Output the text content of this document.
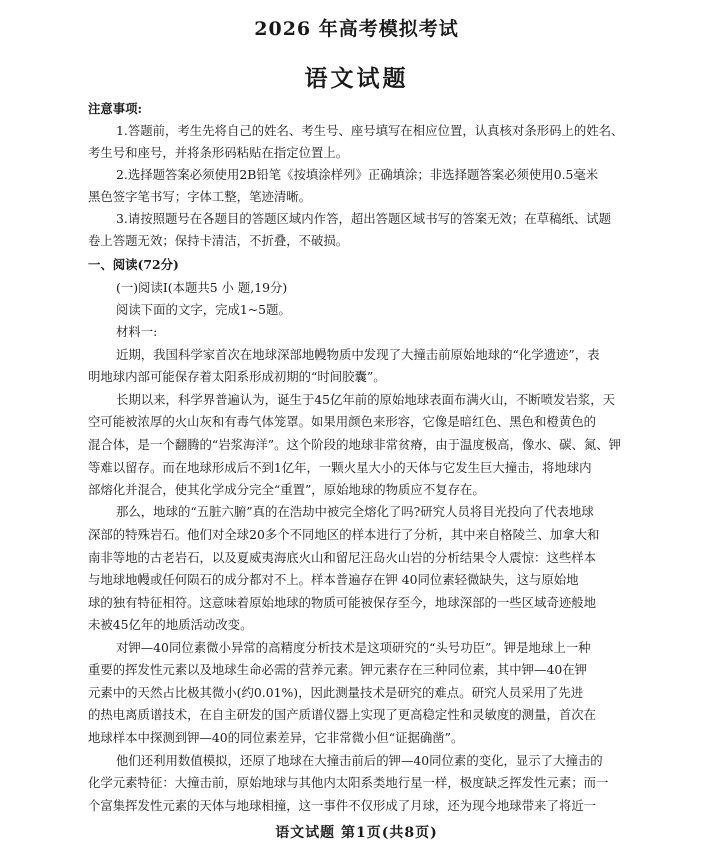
2026 年高考模拟考试
语文试题
注意事项:
1.答题前，考生先将自己的姓名、考生号、座号填写在相应位置，认真核对条形码上的姓名、
考生号和座号，并将条形码粘贴在指定位置上。
2.选择题答案必须使用2B铅笔《按填涂样列》正确填涂；非选择题答案必须使用0.5毫米
黑色签字笔书写；字体工整，笔迹清晰。
3.请按照题号在各题目的答题区域内作答，超出答题区域书写的答案无效；在草稿纸、试题
卷上答题无效；保持卡清洁，不折叠，不破损。
一、阅读(72分)
(一)阅读Ⅰ(本题共5 小 题,19分)
阅读下面的文字，完成1~5题。
材料一:
近期，我国科学家首次在地球深部地幔物质中发现了大撞击前原始地球的“化学遗迹”，表
明地球内部可能保存着太阳系形成初期的“时间胶囊”。
长期以来，科学界普遍认为，诞生于45亿年前的原始地球表面布满火山，不断喷发岩浆，天
空可能被浓厚的火山灰和有毒气体笼罩。如果用颜色来形容，它像是暗红色、黑色和橙黄色的
混合体，是一个翻腾的“岩浆海洋”。这个阶段的地球非常贫瘠，由于温度极高，像水、碳、氮、钾
等难以留存。而在地球形成后不到1亿年，一颗火星大小的天体与它发生巨大撞击，将地球内
部熔化并混合，使其化学成分完全“重置”，原始地球的物质应不复存在。
那么，地球的“五脏六腑”真的在浩劫中被完全熔化了吗?研究人员将目光投向了代表地球
深部的特殊岩石。他们对全球20多个不同地区的样本进行了分析，其中来自格陵兰、加拿大和
南非等地的古老岩石，以及夏威夷海底火山和留尼汪岛火山岩的分析结果令人震惊：这些样本
与地球地幔或任何陨石的成分都对不上。样本普遍存在钾 40同位素轻微缺失，这与原始地
球的独有特征相符。这意味着原始地球的物质可能被保存至今，地球深部的一些区域奇迹般地
未被45亿年的地质活动改变。
对钾—40同位素微小异常的高精度分析技术是这项研究的“头号功臣”。钾是地球上一种
重要的挥发性元素以及地球生命必需的营养元素。钾元素存在三种同位素，其中钾—40在钾
元素中的天然占比极其微小(约0.01%)，因此测量技术是研究的难点。研究人员采用了先进
的热电离质谱技术，在自主研发的国产质谱仪器上实现了更高稳定性和灵敏度的测量，首次在
地球样本中探测到钾—40的同位素差异，它非常微小但“证据确凿”。
他们还利用数值模拟，还原了地球在大撞击前后的钾—40同位素的变化，显示了大撞击的
化学元素特征：大撞击前，原始地球与其他内太阳系类地行星一样，极度缺乏挥发性元素；而一
个富集挥发性元素的天体与地球相撞，这一事件不仅形成了月球，还为现今地球带来了将近一
语文试题 第1页(共8页)
